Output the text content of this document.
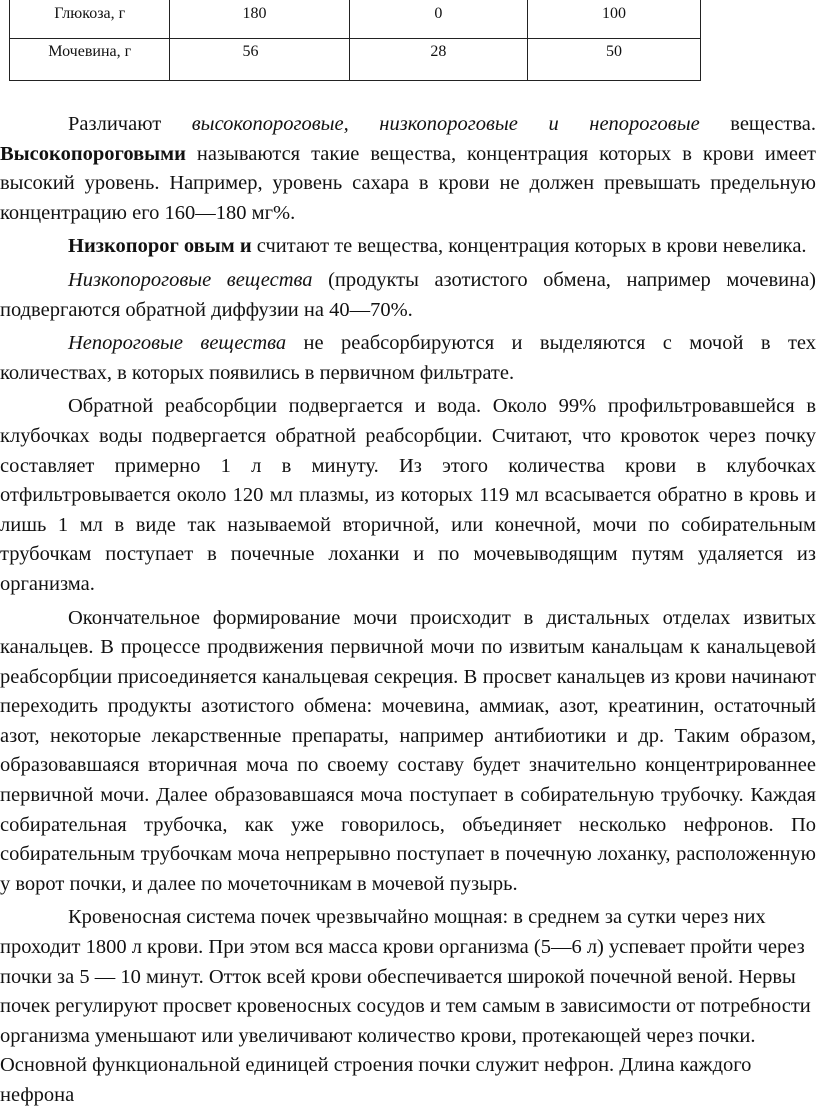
Глюкоза, г	180	0	100
Мочевина, г	56	28	50

Различают высокопороговые, низкопороговые и непороговые вещества. Высокопороговыми называются такие вещества, концентрация которых в крови имеет высокий уровень. Например, уровень сахара в крови не должен превышать предельную концентрацию его 160—180 мг%.

Низкопорог овым и считают те вещества, концентрация которых в крови невелика.

Низкопороговые вещества (продукты азотистого обмена, например мочевина) подвергаются обратной диффузии на 40—70%.

Непороговые вещества не реабсорбируются и выделяются с мочой в тех количествах, в которых появились в первичном фильтрате.

Обратной реабсорбции подвергается и вода. Около 99% профильтровавшейся в клубочках воды подвергается обратной реабсорбции. Считают, что кровоток через почку составляет примерно 1 л в минуту. Из этого количества крови в клубочках отфильтровывается около 120 мл плазмы, из которых 119 мл всасывается обратно в кровь и лишь 1 мл в виде так называемой вторичной, или конечной, мочи по собирательным трубочкам поступает в почечные лоханки и по мочевыводящим путям удаляется из организма.

Окончательное формирование мочи происходит в дистальных отделах извитых канальцев. В процессе продвижения первичной мочи по извитым канальцам к канальцевой реабсорбции присоединяется канальцевая секреция. В просвет канальцев из крови начинают переходить продукты азотистого обмена: мочевина, аммиак, азот, креатинин, остаточный азот, некоторые лекарственные препараты, например антибиотики и др. Таким образом, образовавшаяся вторичная моча по своему составу будет значительно концентрированнее первичной мочи. Далее образовавшаяся моча поступает в собирательную трубочку. Каждая собирательная трубочка, как уже говорилось, объединяет несколько нефронов. По собирательным трубочкам моча непрерывно поступает в почечную лоханку, расположенную у ворот почки, и далее по мочеточникам в мочевой пузырь.

Кровеносная система почек чрезвычайно мощная: в среднем за сутки через них проходит 1800 л крови. При этом вся масса крови организма (5—6 л) успевает пройти через почки за 5 — 10 минут. Отток всей крови обеспечивается широкой почечной веной. Нервы почек регулируют просвет кровеносных сосудов и тем самым в зависимости от потребности организма уменьшают или увеличивают количество крови, протекающей через почки. Основной функциональной единицей строения почки служит нефрон. Длина каждого нефрона
